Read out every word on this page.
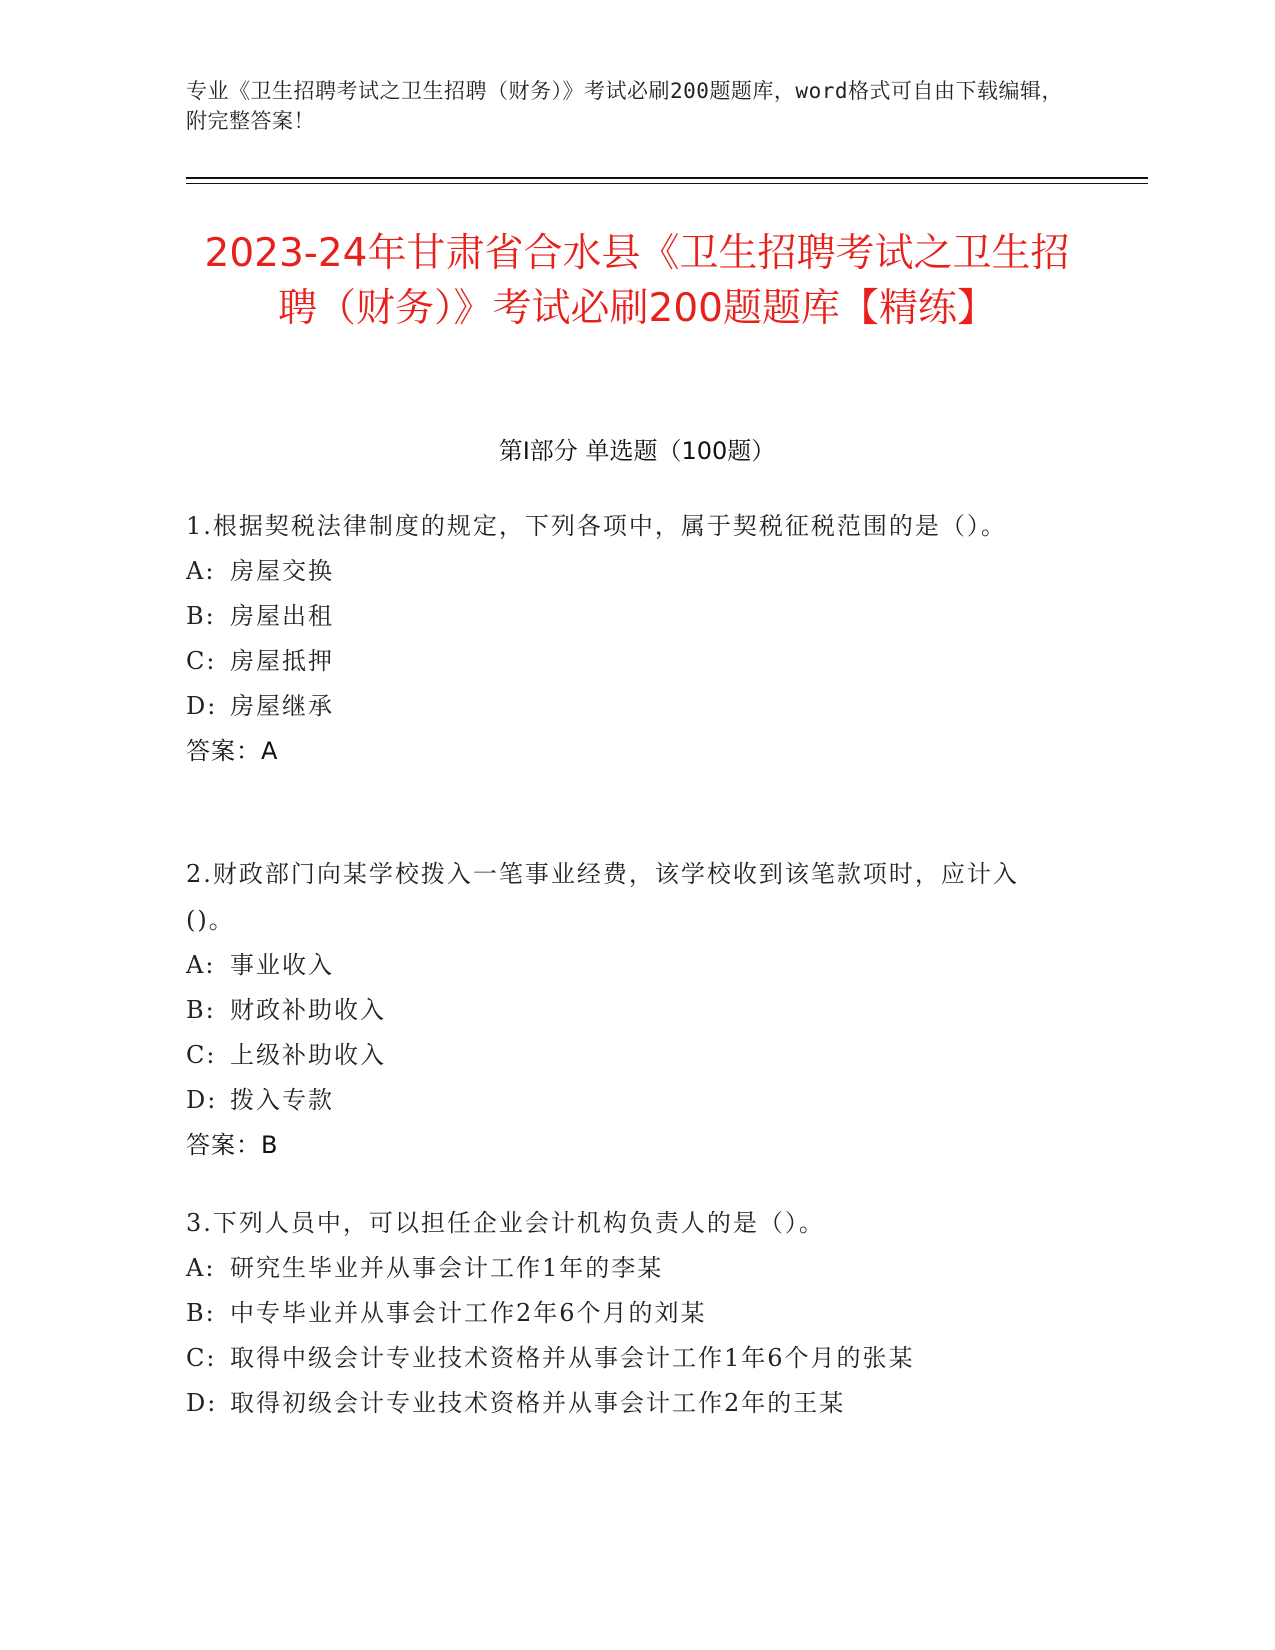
专业《卫生招聘考试之卫生招聘（财务）》考试必刷200题题库，word格式可自由下载编辑，附完整答案！
2023-24年甘肃省合水县《卫生招聘考试之卫生招聘（财务）》考试必刷200题题库【精练】
第Ⅰ部分 单选题（100题）
1.根据契税法律制度的规定，下列各项中，属于契税征税范围的是（）。
A: 房屋交换
B: 房屋出租
C: 房屋抵押
D: 房屋继承
答案：A
2.财政部门向某学校拨入一笔事业经费，该学校收到该笔款项时，应计入()。
A: 事业收入
B: 财政补助收入
C: 上级补助收入
D: 拨入专款
答案：B
3.下列人员中，可以担任企业会计机构负责人的是（）。
A: 研究生毕业并从事会计工作1年的李某
B: 中专毕业并从事会计工作2年6个月的刘某
C: 取得中级会计专业技术资格并从事会计工作1年6个月的张某
D: 取得初级会计专业技术资格并从事会计工作2年的王某
